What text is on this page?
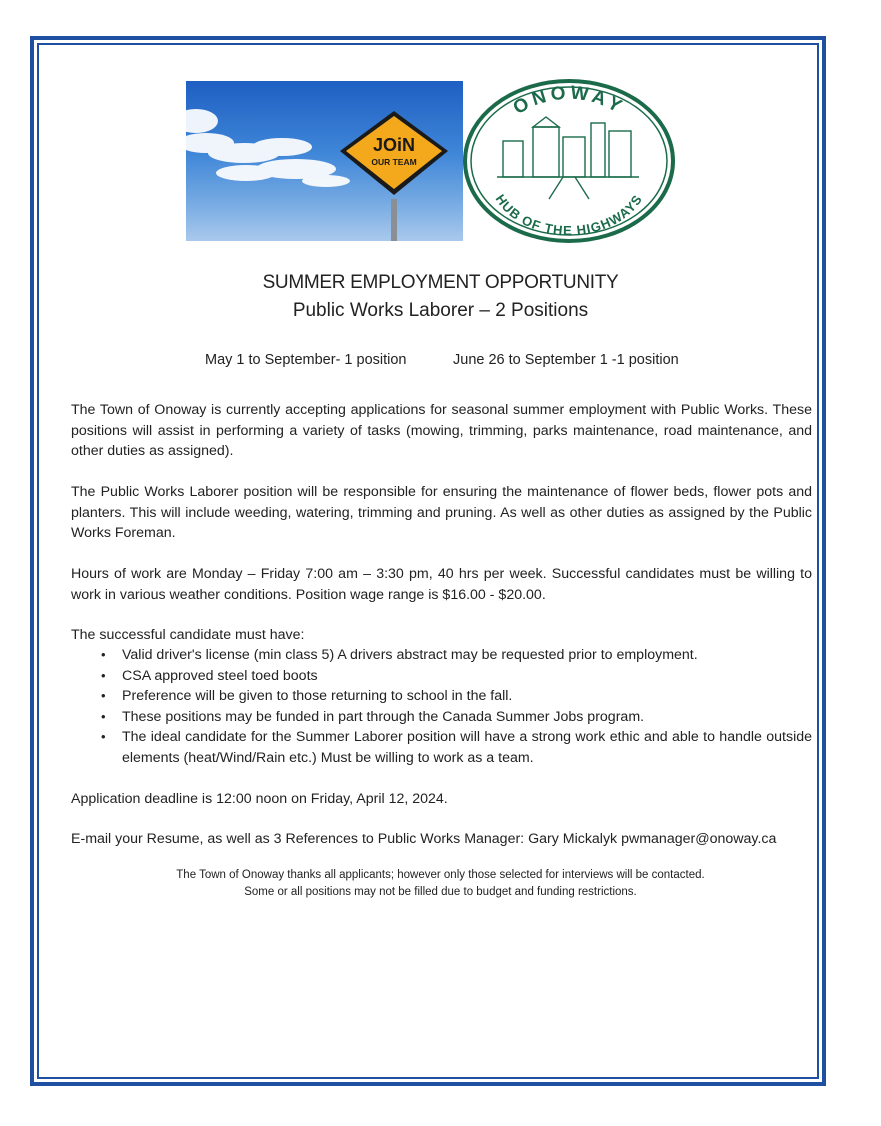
JOiN
OUR TEAM
ONOWAY
HUB OF THE HIGHWAYS
SUMMER EMPLOYMENT OPPORTUNITY
Public Works Laborer – 2 Positions
May 1 to September- 1 position	June 26 to September 1 -1 position

The Town of Onoway is currently accepting applications for seasonal summer employment with Public Works. These positions will assist in performing a variety of tasks (mowing, trimming, parks maintenance, road maintenance, and other duties as assigned).

The Public Works Laborer position will be responsible for ensuring the maintenance of flower beds, flower pots and planters. This will include weeding, watering, trimming and pruning. As well as other duties as assigned by the Public Works Foreman.

Hours of work are Monday – Friday 7:00 am – 3:30 pm, 40 hrs per week. Successful candidates must be willing to work in various weather conditions. Position wage range is $16.00 - $20.00.

The successful candidate must have:

• Valid driver's license (min class 5) A drivers abstract may be requested prior to employment.
• CSA approved steel toed boots
• Preference will be given to those returning to school in the fall.
• These positions may be funded in part through the Canada Summer Jobs program.
• The ideal candidate for the Summer Laborer position will have a strong work ethic and able to handle outside elements (heat/Wind/Rain etc.) Must be willing to work as a team.

Application deadline is 12:00 noon on Friday, April 12, 2024.

E-mail your Resume, as well as 3 References to Public Works Manager: Gary Mickalyk pwmanager@onoway.ca

The Town of Onoway thanks all applicants; however only those selected for interviews will be contacted.
Some or all positions may not be filled due to budget and funding restrictions.
